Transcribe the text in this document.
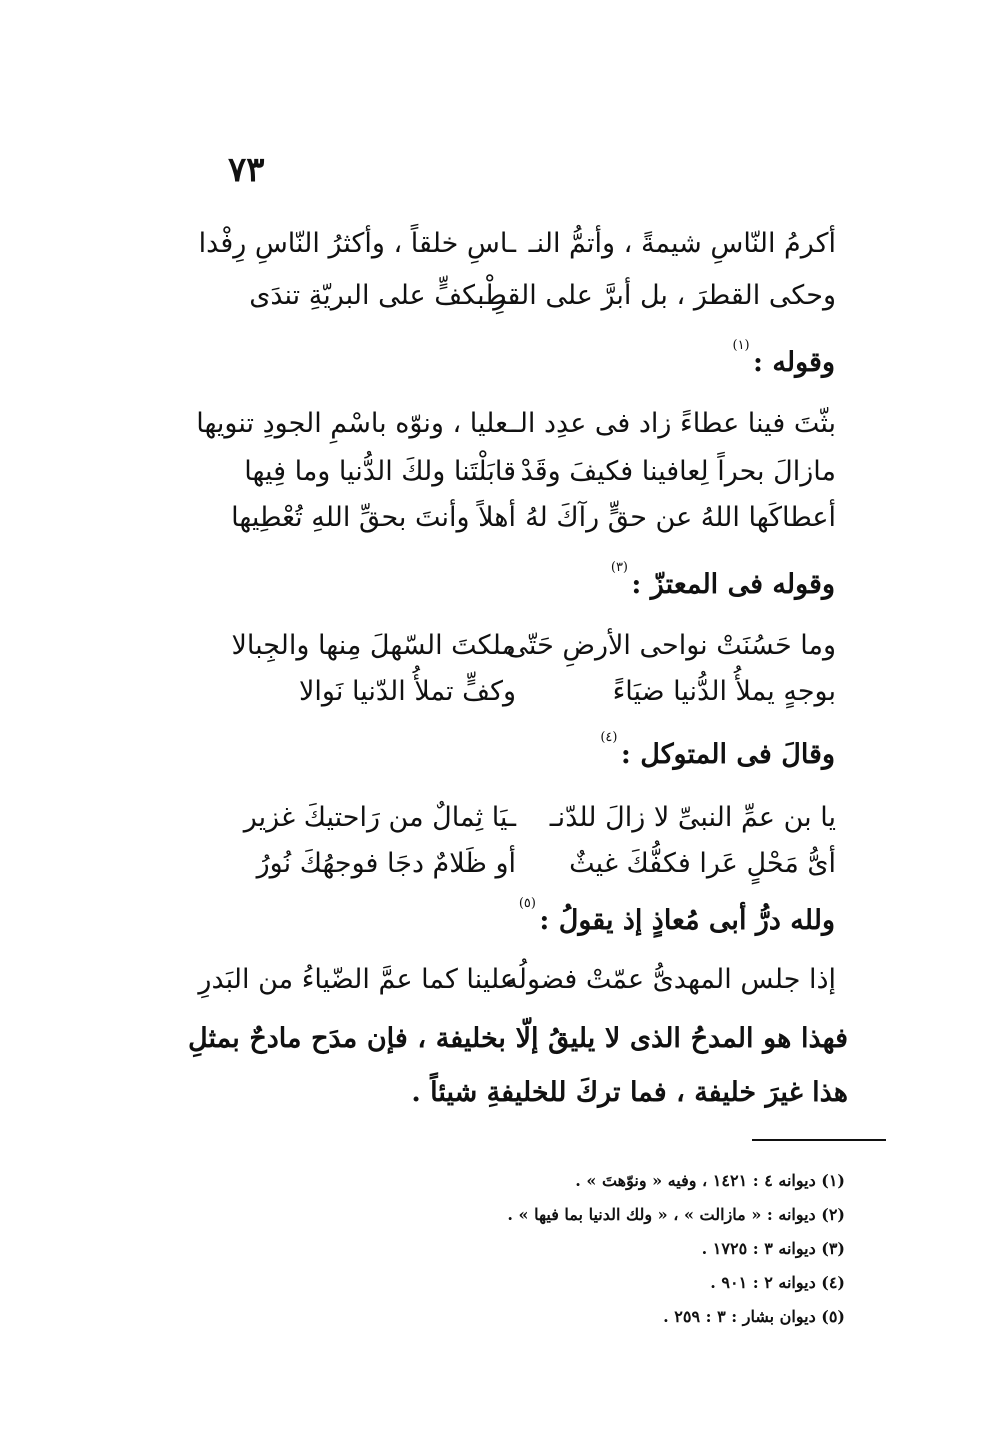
٧٣
أكرمُ النّاسِ شيمةً ، وأتمُّ النـ
ـاسِ خلقاً ، وأكثرُ النّاسِ رِفْدا
وحكى القطرَ ، بل أبرَّ على القطْـ
ـرِ بكفٍّ على البريّةِ تندَى
وقوله : $^{(١)}$
بثّتَ فينا عطاءً زاد فى عدِد الـ
ـعليا ، ونوّه باسْمِ الجودِ تنويها
مازالَ بحراً لِعافينا فكيفَ وقَدْ
قابَلْتَنا ولكَ الدُّنيا وما فِيها
أعطاكَها اللهُ عن حقٍّ رآكَ لهُ
أهلاً وأنتَ بحقِّ اللهِ تُعْطِيها
وقوله فى المعتزّ : $^{(٣)}$
وما حَسُنَتْ نواحى الأرضِ حَتّى
ملكتَ السّهلَ مِنها والجِبالا
بوجهٍ يملأُ الدُّنيا ضيَاءً
وكفٍّ تملأُ الدّنيا نَوالا
وقالَ فى المتوكل : $^{(٤)}$
يا بن عمِّ النبىِّ لا زالَ للدّنـ
ـيَا ثِمالٌ من رَاحتيكَ غزير
أىُّ مَحْلٍ عَرا فكفُّكَ غيثٌ
أو ظَلامٌ دجَا فوجهُكَ نُورُ
ولله درُّ أبى مُعاذٍ إذ يقولُ : $^{(٥)}$
إذا جلس المهدىُّ عمّتْ فضولُه
علينا كما عمَّ الضّياءُ من البَدرِ
فهذا هو المدحُ الذى لا يليقُ إلّا بخليفة ، فإن مدَح مادحٌ بمثلِ هذا غيرَ خليفة ، فما تركَ للخليفةِ شيئاً .
(١) ديوانه ٤ : ١٤٢١ ، وفيه « ونوّهتَ » .
(٢) ديوانه : « مازالت » ، « ولك الدنيا بما فيها » .
(٣) ديوانه ٣ : ١٧٢٥ .
(٤) ديوانه ٢ : ٩٠١ .
(٥) ديوان بشار : ٣ : ٢٥٩ .
